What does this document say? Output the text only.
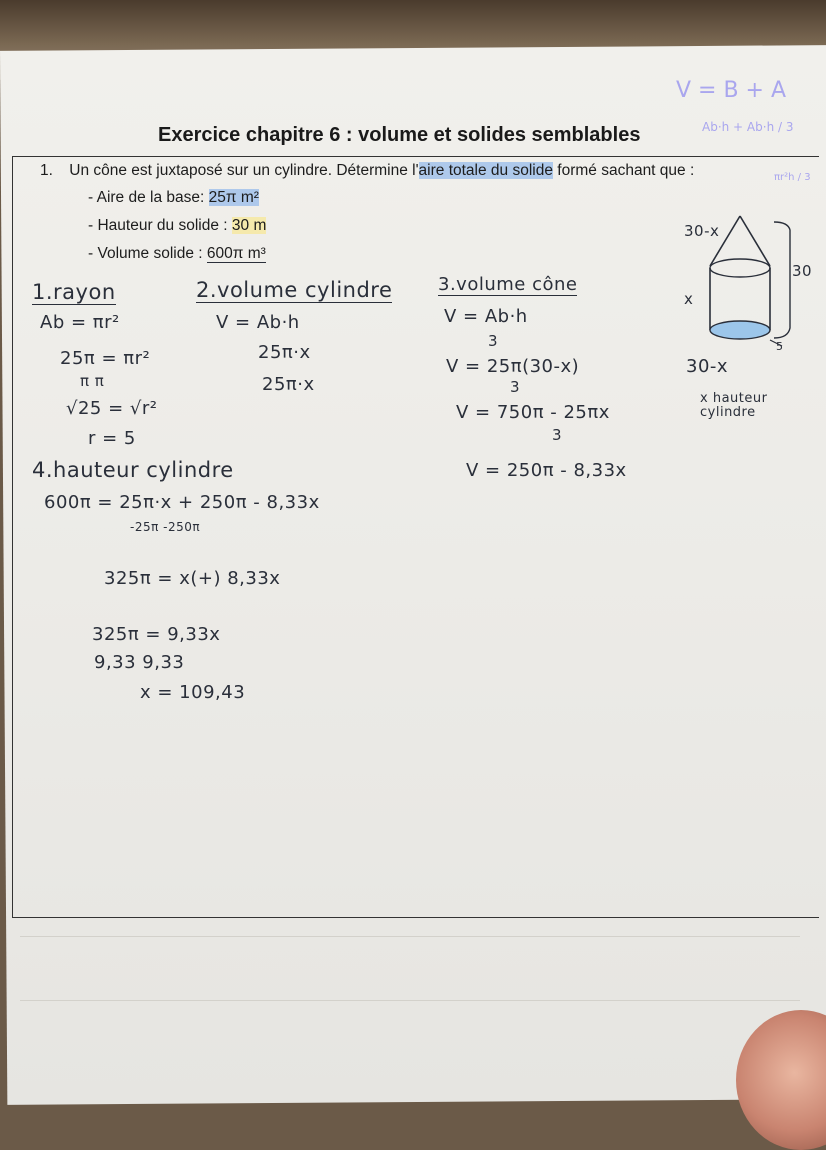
Exercice chapitre 6 : volume et solides semblables
1. Un cône est juxtaposé sur un cylindre. Détermine l'aire totale du solide formé sachant que :
- Aire de la base: 25π m²
- Hauteur du solide : 30 m
- Volume solide : 600π m³
V = B + A
Ab·h + Ab·h / 3
πr²h / 3
30-x
30
x
5
30-x
x hauteur cylindre
1.rayon
Ab = πr²
25π = πr²
π π
√25 = √r²
r = 5
2.volume cylindre
V = Ab·h
25π·x
25π·x
3.volume cône
V = Ab·h
3
V = 25π(30-x)
3
V = 750π - 25πx
3
V = 250π - 8,33x
4.hauteur cylindre
600π = 25π·x + 250π - 8,33x
-25π -250π
325π = x(+) 8,33x
325π = 9,33x
9,33 9,33
x = 109,43
